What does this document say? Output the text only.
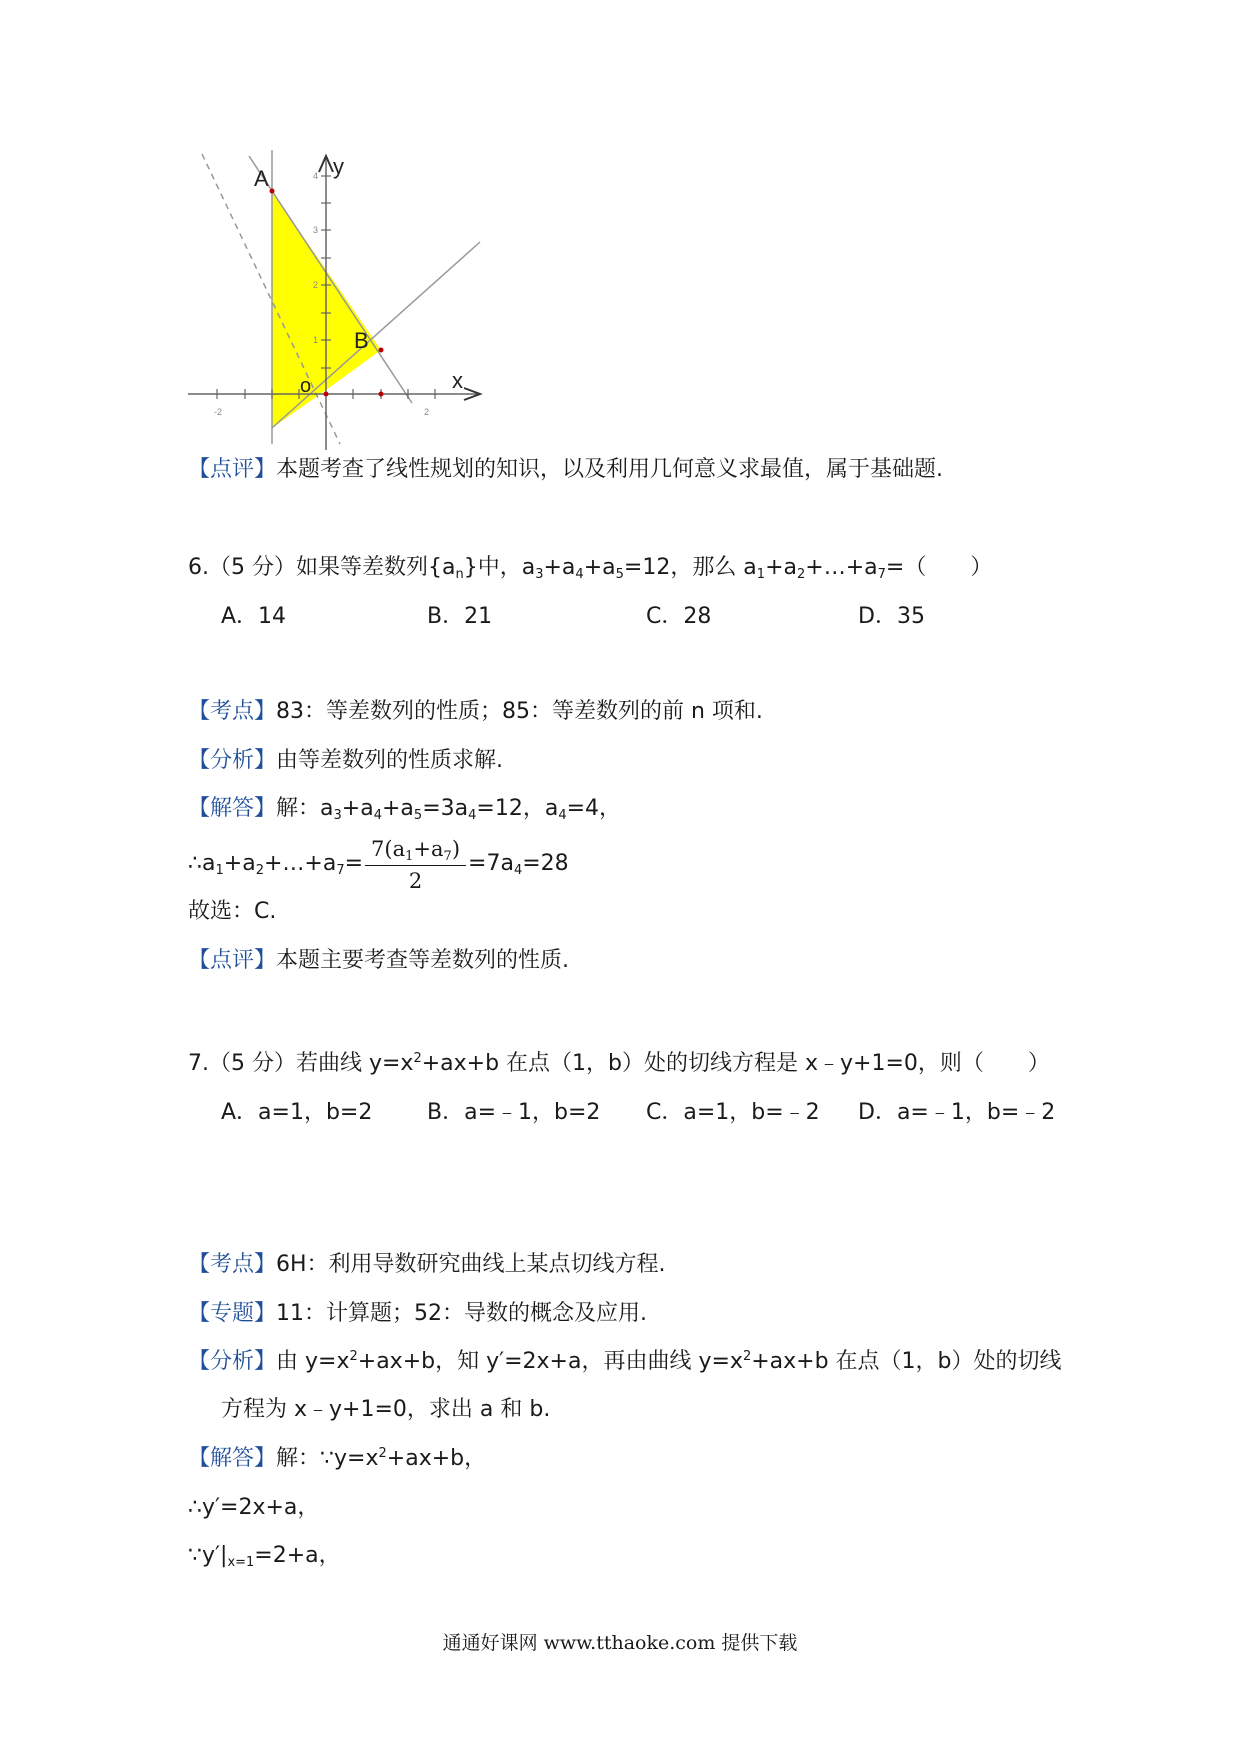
A
B
o	x
y
-2	2
1
2
3
4
【点评】本题考查了线性规划的知识，以及利用几何意义求最值，属于基础题.
6.（5 分）如果等差数列$\{a_n\}$中，$a_3+a_4+a_5=12$，那么 $a_1+a_2+\dots+a_7=$（　　）
A．14	B．21	C．28	D．35
【考点】83：等差数列的性质；85：等差数列的前 n 项和.
【分析】由等差数列的性质求解.
【解答】解：$a_3+a_4+a_5=3a_4=12$，$a_4=4$，
$\therefore a_1+a_2+\dots+a_7= \frac{7(a_1+a_7)}{2} =7a_4=28$
故选：C.
【点评】本题主要考查等差数列的性质.
7.（5 分）若曲线 $y=x^2+ax+b$ 在点（1，b）处的切线方程是 x﹣y+1=0，则（　　）
A．a=1，b=2 B．a=﹣1，b=2 C．a=1，b=﹣2 D．a=﹣1，b=﹣2
【考点】6H：利用导数研究曲线上某点切线方程.
【专题】11：计算题；52：导数的概念及应用.
【分析】由 $y=x^2+ax+b$，知 y′=2x+a，再由曲线 $y=x^2+ax+b$ 在点（1，b）处的切线
方程为 x﹣y+1=0，求出 a 和 b.
【解答】解：$\because y=x^2+ax+b$，
∴y′=2x+a，
$\because y'|_{x=1}=2+a$，
通通好课网 www.tthaoke.com 提供下载
